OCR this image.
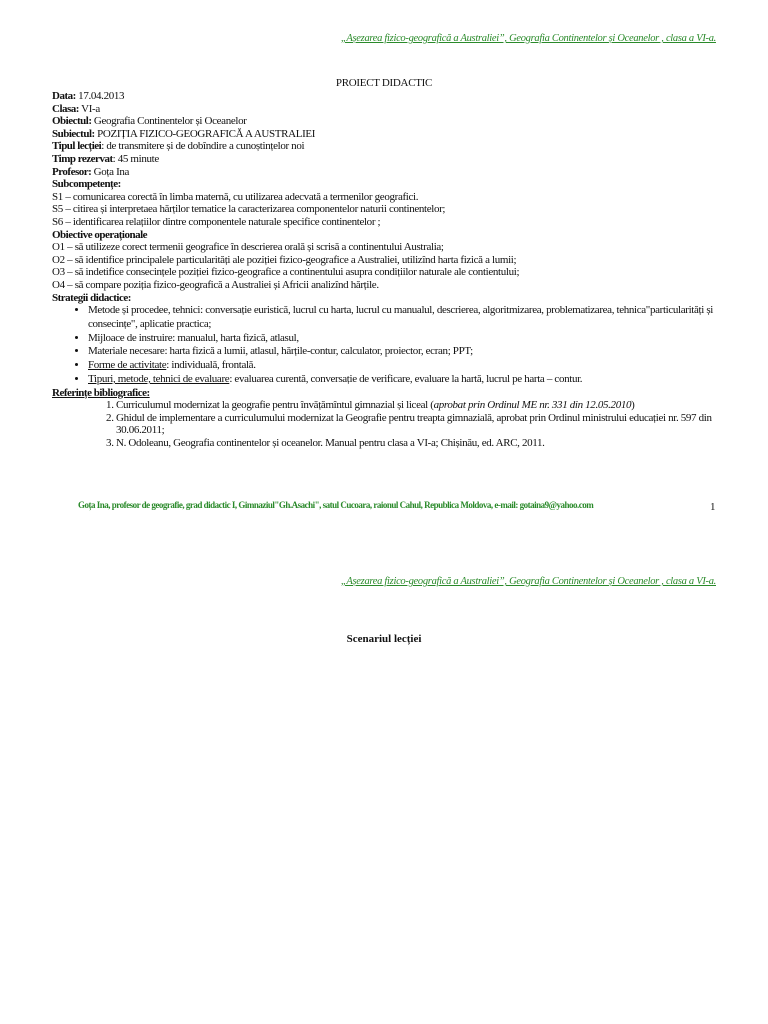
„Așezarea fizico-geografică a Australiei”, Geografia Continentelor și Oceanelor , clasa a VI-a.
PROIECT DIDACTIC
Data: 17.04.2013
Clasa: VI-a
Obiectul: Geografia Continentelor și Oceanelor
Subiectul: POZIȚIA FIZICO-GEOGRAFICĂ A AUSTRALIEI
Tipul lecției: de transmitere și de dobîndire a cunoștințelor noi
Timp rezervat: 45 minute
Profesor: Goța Ina
Subcompetențe:
S1 – comunicarea corectă în limba maternă, cu utilizarea adecvată a termenilor geografici.
S5 – citirea și interpretaea hărților tematice la caracterizarea componentelor naturii continentelor;
S6 – identificarea relațiilor dintre componentele naturale specifice continentelor ;
Obiective operaționale
O1 – să utilizeze corect termenii geografice în descrierea orală și scrisă a continentului Australia;
O2 – să identifice principalele particularități ale poziției fizico-geografice a Australiei, utilizînd harta fizică a lumii;
O3 – să indetifice consecințele poziției fizico-geografice a continentului asupra condițiilor naturale ale contientului;
O4 – să compare poziția fizico-geografică a Australiei și Africii analizînd hărțile.
Strategii didactice:
• Metode și procedee, tehnici: conversație euristică, lucrul cu harta, lucrul cu manualul, descrierea, algoritmizarea, problematizarea, tehnica"particularități și consecințe", aplicatie practica;
• Mijloace de instruire: manualul, harta fizică, atlasul,
• Materiale necesare: harta fizică a lumii, atlasul, hărțile-contur, calculator, proiector, ecran; PPT;
• Forme de activitate: individuală, frontală.
• Tipuri, metode, tehnici de evaluare: evaluarea curentă, conversație de verificare, evaluare la hartă, lucrul pe harta – contur.
Referințe bibliografice:
1. Curriculumul modernizat la geografie pentru învățămîntul gimnazial și liceal (aprobat prin Ordinul ME nr. 331 din 12.05.2010)
2. Ghidul de implementare a curriculumului modernizat la Geografie pentru treapta gimnazială, aprobat prin Ordinul ministrului educației nr. 597 din 30.06.2011;
3. N. Odoleanu, Geografia continentelor și oceanelor. Manual pentru clasa a VI-a; Chișinău, ed. ARC, 2011.
Goța Ina, profesor de geografie, grad didactic I, Gimnaziul"Gh.Asachi", satul Cucoara, raionul Cahul, Republica Moldova, e-mail: gotaina9@yahoo.com	1
„Așezarea fizico-geografică a Australiei”, Geografia Continentelor și Oceanelor , clasa a VI-a.
Scenariul lecției
